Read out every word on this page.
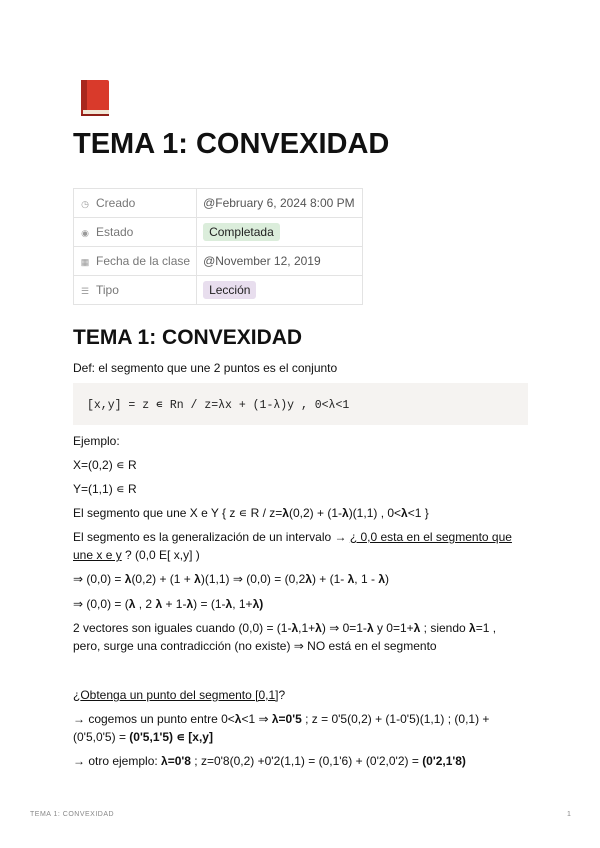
TEMA 1: CONVEXIDAD
◷ Creado	@February 6, 2024 8:00 PM
◉ Estado	Completada
▦ Fecha de la clase	@November 12, 2019
☰ Tipo	Lección
TEMA 1: CONVEXIDAD
Def: el segmento que une 2 puntos es el conjunto
[x,y] = z ∊ Rn / z=λx + (1-λ)y , 0<λ<1
Ejemplo:
X=(0,2) ∊ R
Y=(1,1) ∊ R
El segmento que une X e Y { z ∊ R / z=λ(0,2) + (1-λ)(1,1) , 0<λ<1 }
El segmento es la generalización de un intervalo → ¿ 0,0 esta en el segmento que
une x e y ? (0,0 E[ x,y] )
⇒ (0,0) = λ(0,2) + (1 + λ)(1,1) ⇒ (0,0) = (0,2λ) + (1- λ, 1 - λ)
⇒ (0,0) = (λ , 2 λ + 1-λ) = (1-λ, 1+λ)
2 vectores son iguales cuando (0,0) = (1-λ,1+λ) ⇒ 0=1-λ y 0=1+λ ; siendo λ=1 ,
pero, surge una contradicción (no existe) ⇒ NO está en el segmento
¿Obtenga un punto del segmento [0,1]?
→ cogemos un punto entre 0<λ<1 ⇒ λ=0'5 ; z = 0'5(0,2) + (1-0'5)(1,1) ; (0,1) +
(0'5,0'5) = (0'5,1'5) ∊ [x,y]
→ otro ejemplo: λ=0'8 ; z=0'8(0,2) +0'2(1,1) = (0,1'6) + (0'2,0'2) = (0'2,1'8)
TEMA 1: CONVEXIDAD	1
